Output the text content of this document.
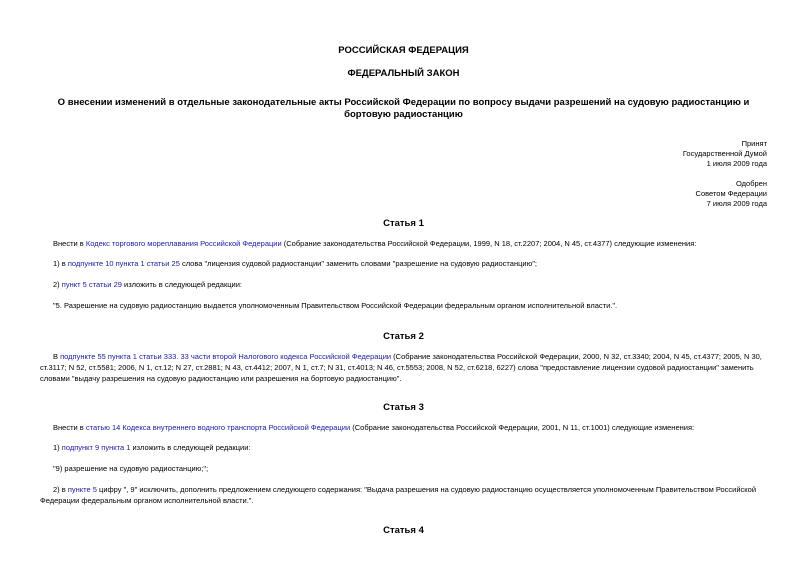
РОССИЙСКАЯ ФЕДЕРАЦИЯ
ФЕДЕРАЛЬНЫЙ ЗАКОН
О внесении изменений в отдельные законодательные акты Российской Федерации по вопросу выдачи разрешений на судовую радиостанцию и бортовую радиостанцию
Принят
Государственной Думой
1 июля 2009 года
Одобрен
Советом Федерации
7 июля 2009 года
Статья 1
Внести в Кодекс торгового мореплавания Российской Федерации (Собрание законодательства Российской Федерации, 1999, N 18, ст.2207; 2004, N 45, ст.4377) следующие изменения:
1) в подпункте 10 пункта 1 статьи 25 слова "лицензия судовой радиостанции" заменить словами "разрешение на судовую радиостанцию";
2) пункт 5 статьи 29 изложить в следующей редакции:
"5. Разрешение на судовую радиостанцию выдается уполномоченным Правительством Российской Федерации федеральным органом исполнительной власти.".
Статья 2
В подпункте 55 пункта 1 статьи 333. 33 части второй Налогового кодекса Российской Федерации (Собрание законодательства Российской Федерации, 2000, N 32, ст.3340; 2004, N 45, ст.4377; 2005, N 30, ст.3117; N 52, ст.5581; 2006, N 1, ст.12; N 27, ст.2881; N 43, ст.4412; 2007, N 1, ст.7; N 31, ст.4013; N 46, ст.5553; 2008, N 52, ст.6218, 6227) слова "предоставление лицензии судовой радиостанции" заменить словами "выдачу разрешения на судовую радиостанцию или разрешения на бортовую радиостанцию".
Статья 3
Внести в статью 14 Кодекса внутреннего водного транспорта Российской Федерации (Собрание законодательства Российской Федерации, 2001, N 11, ст.1001) следующие изменения:
1) подпункт 9 пункта 1 изложить в следующей редакции:
"9) разрешение на судовую радиостанцию;";
2) в пункте 5 цифру ", 9" исключить, дополнить предложением следующего содержания: "Выдача разрешения на судовую радиостанцию осуществляется уполномоченным Правительством Российской Федерации федеральным органом исполнительной власти.".
Статья 4
